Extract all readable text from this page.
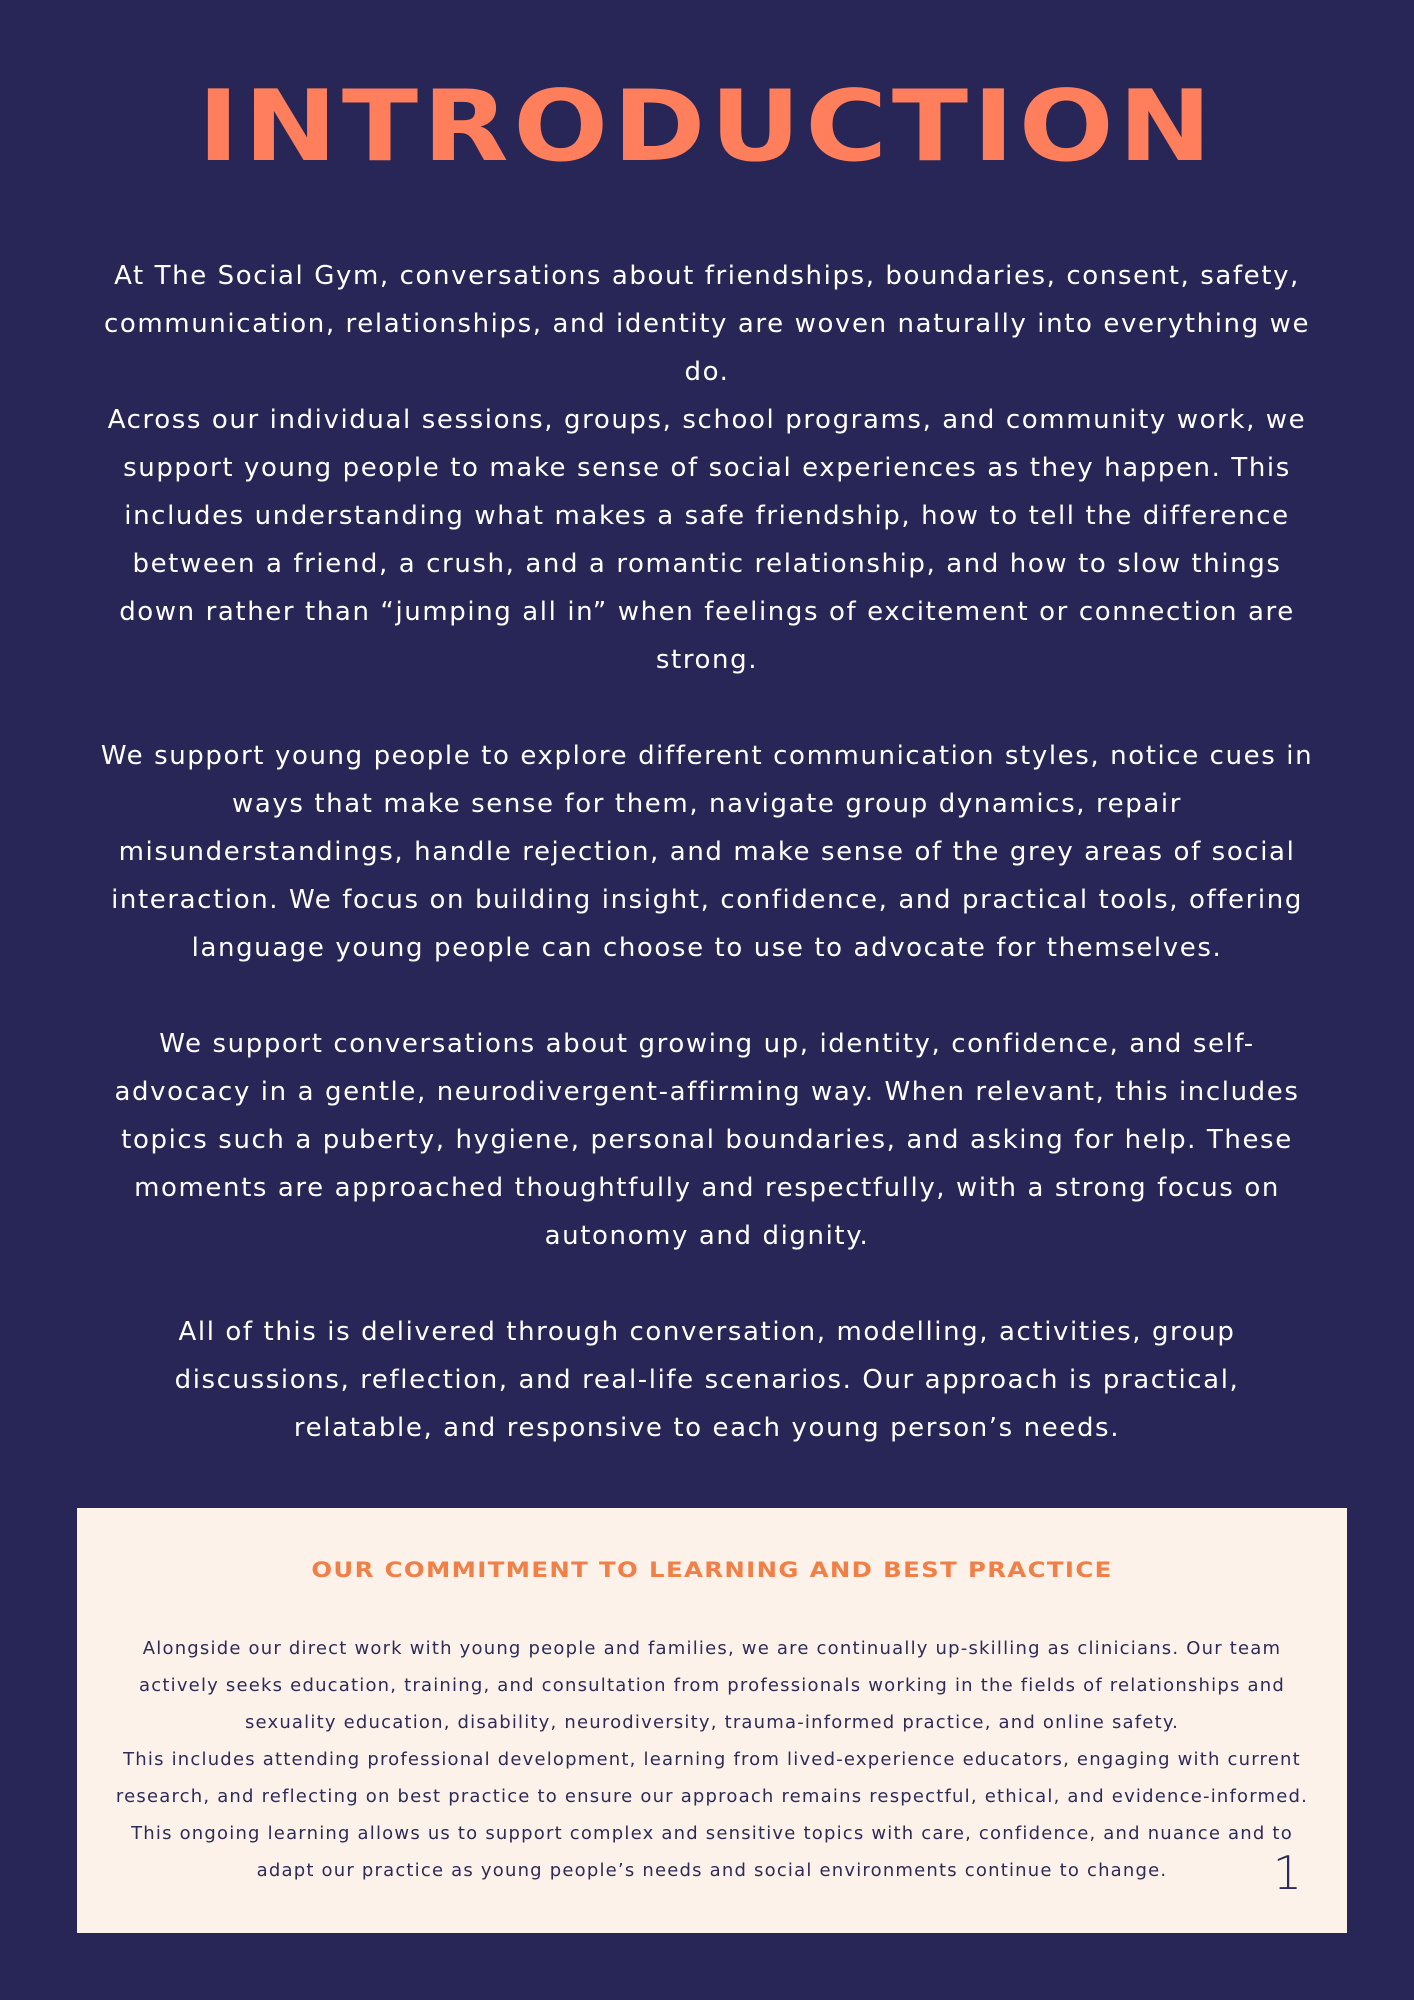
INTRODUCTION

At The Social Gym, conversations about friendships, boundaries, consent, safety, communication, relationships, and identity are woven naturally into everything we do.

Across our individual sessions, groups, school programs, and community work, we support young people to make sense of social experiences as they happen. This includes understanding what makes a safe friendship, how to tell the difference between a friend, a crush, and a romantic relationship, and how to slow things down rather than “jumping all in” when feelings of excitement or connection are strong.

We support young people to explore different communication styles, notice cues in ways that make sense for them, navigate group dynamics, repair misunderstandings, handle rejection, and make sense of the grey areas of social interaction. We focus on building insight, confidence, and practical tools, offering language young people can choose to use to advocate for themselves.

We support conversations about growing up, identity, confidence, and self-advocacy in a gentle, neurodivergent-affirming way. When relevant, this includes topics such a puberty, hygiene, personal boundaries, and asking for help. These moments are approached thoughtfully and respectfully, with a strong focus on autonomy and dignity.

All of this is delivered through conversation, modelling, activities, group discussions, reflection, and real-life scenarios. Our approach is practical, relatable, and responsive to each young person’s needs.

OUR COMMITMENT TO LEARNING AND BEST PRACTICE

Alongside our direct work with young people and families, we are continually up-skilling as clinicians. Our team actively seeks education, training, and consultation from professionals working in the fields of relationships and sexuality education, disability, neurodiversity, trauma-informed practice, and online safety.

This includes attending professional development, learning from lived-experience educators, engaging with current research, and reflecting on best practice to ensure our approach remains respectful, ethical, and evidence-informed. This ongoing learning allows us to support complex and sensitive topics with care, confidence, and nuance and to adapt our practice as young people’s needs and social environments continue to change.	1
